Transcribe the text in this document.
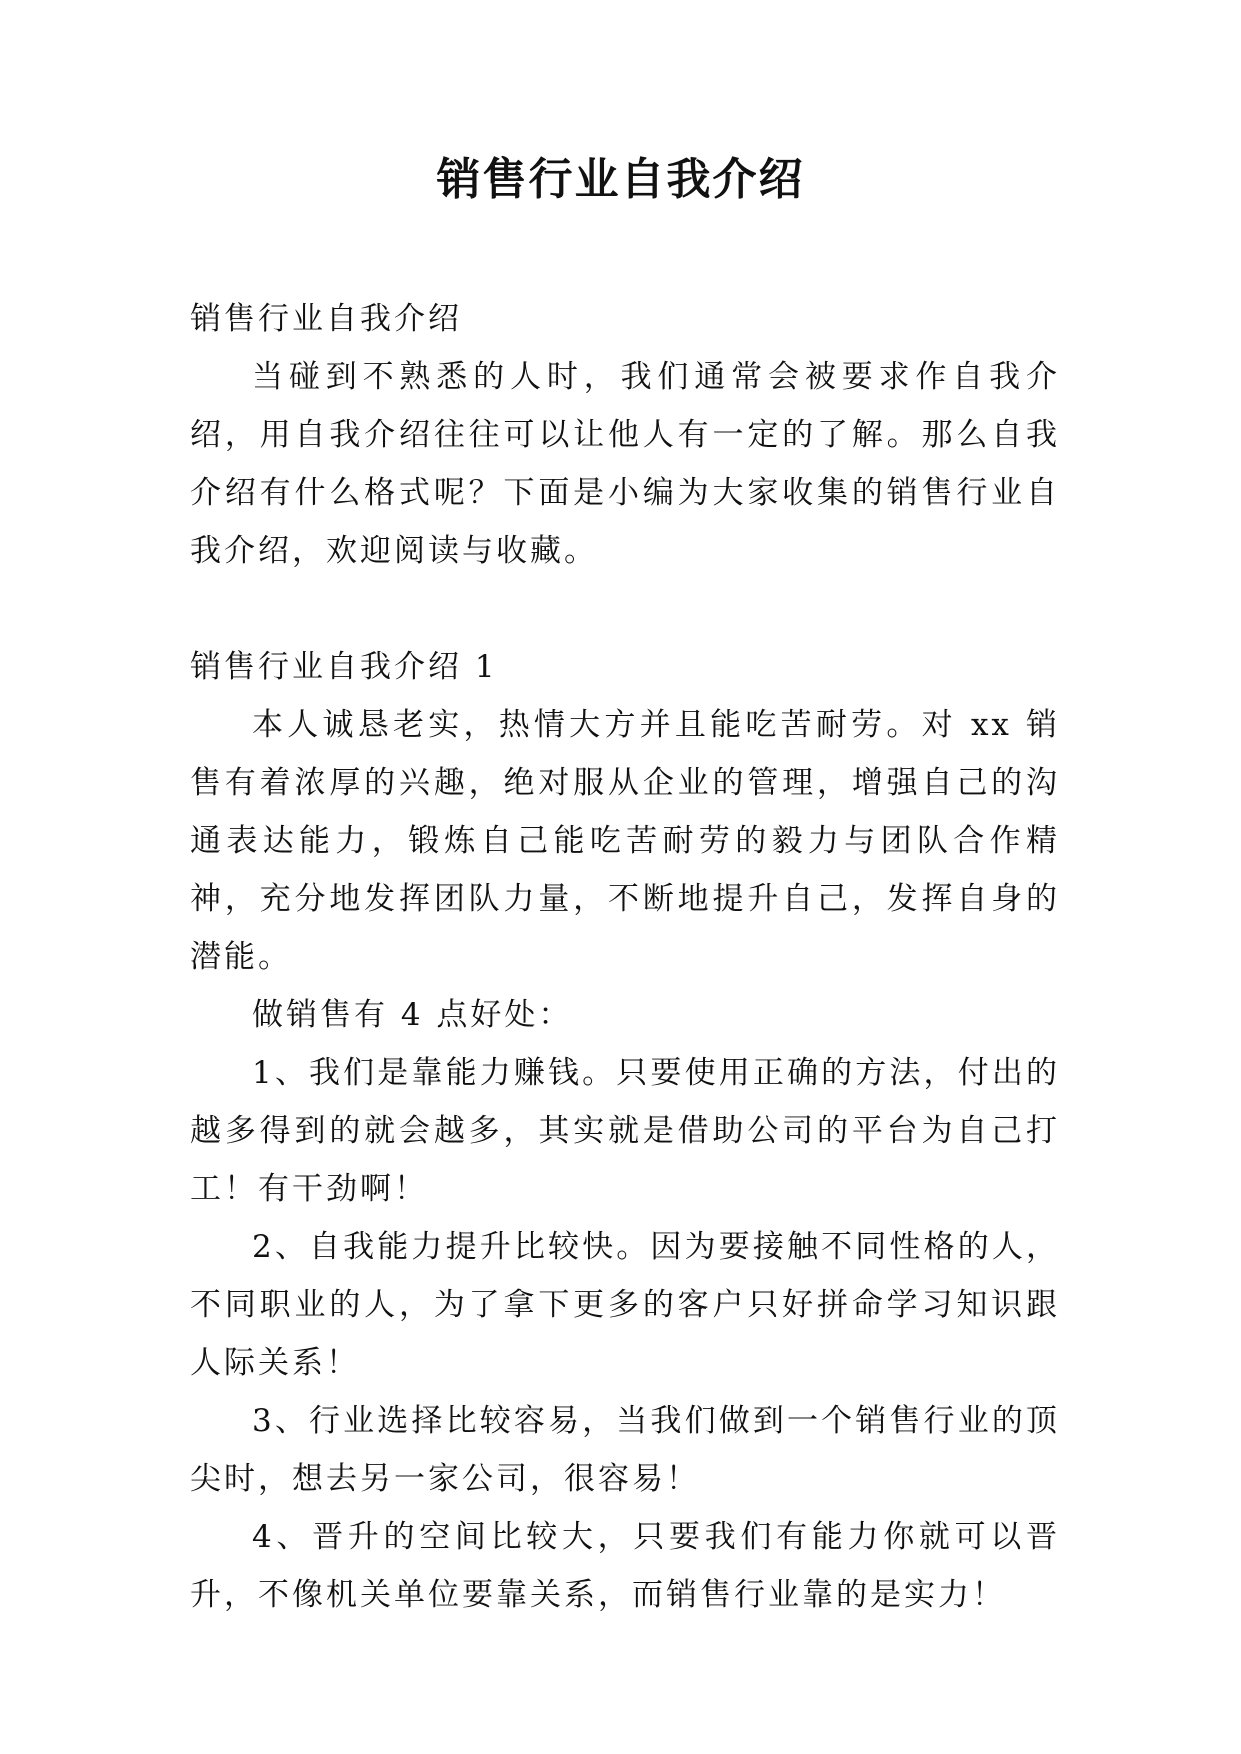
销售行业自我介绍

销售行业自我介绍

当碰到不熟悉的人时，我们通常会被要求作自我介绍，用自我介绍往往可以让他人有一定的了解。那么自我介绍有什么格式呢？下面是小编为大家收集的销售行业自我介绍，欢迎阅读与收藏。

销售行业自我介绍 1

本人诚恳老实，热情大方并且能吃苦耐劳。对 xx 销售有着浓厚的兴趣，绝对服从企业的管理，增强自己的沟通表达能力，锻炼自己能吃苦耐劳的毅力与团队合作精神，充分地发挥团队力量，不断地提升自己，发挥自身的潜能。

做销售有 4 点好处：

1、我们是靠能力赚钱。只要使用正确的方法，付出的越多得到的就会越多，其实就是借助公司的平台为自己打工！有干劲啊！

2、自我能力提升比较快。因为要接触不同性格的人，不同职业的人，为了拿下更多的客户只好拼命学习知识跟人际关系！

3、行业选择比较容易，当我们做到一个销售行业的顶尖时，想去另一家公司，很容易！

4、晋升的空间比较大，只要我们有能力你就可以晋升，不像机关单位要靠关系，而销售行业靠的是实力！
